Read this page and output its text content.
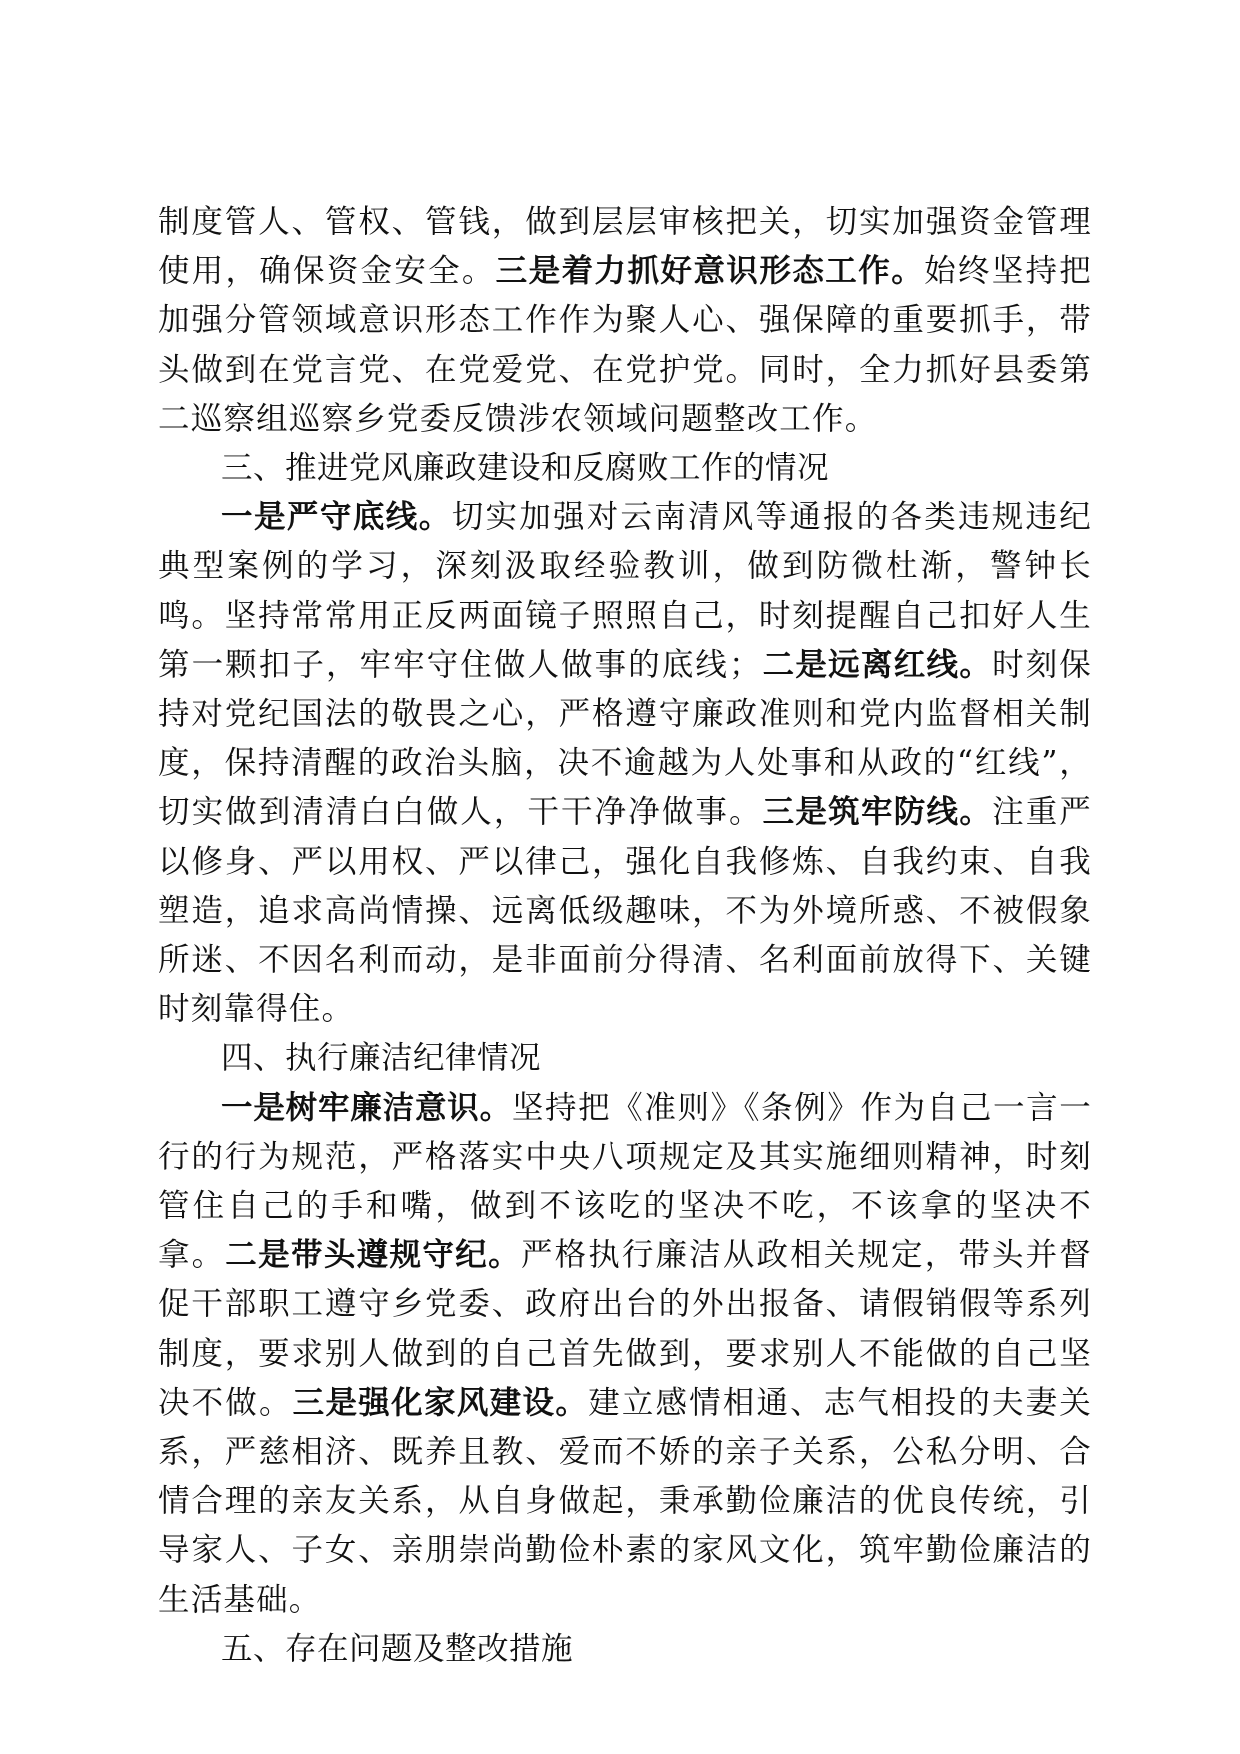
制度管人、管权、管钱，做到层层审核把关，切实加强资金管理使用，确保资金安全。三是着力抓好意识形态工作。始终坚持把加强分管领域意识形态工作作为聚人心、强保障的重要抓手，带头做到在党言党、在党爱党、在党护党。同时，全力抓好县委第二巡察组巡察乡党委反馈涉农领域问题整改工作。

三、推进党风廉政建设和反腐败工作的情况

一是严守底线。切实加强对云南清风等通报的各类违规违纪典型案例的学习，深刻汲取经验教训，做到防微杜渐，警钟长鸣。坚持常常用正反两面镜子照照自己，时刻提醒自己扣好人生第一颗扣子，牢牢守住做人做事的底线；二是远离红线。时刻保持对党纪国法的敬畏之心，严格遵守廉政准则和党内监督相关制度，保持清醒的政治头脑，决不逾越为人处事和从政的“红线”，切实做到清清白白做人，干干净净做事。三是筑牢防线。注重严以修身、严以用权、严以律己，强化自我修炼、自我约束、自我塑造，追求高尚情操、远离低级趣味，不为外境所惑、不被假象所迷、不因名利而动，是非面前分得清、名利面前放得下、关键时刻靠得住。

四、执行廉洁纪律情况

一是树牢廉洁意识。坚持把《准则》《条例》作为自己一言一行的行为规范，严格落实中央八项规定及其实施细则精神，时刻管住自己的手和嘴，做到不该吃的坚决不吃，不该拿的坚决不拿。二是带头遵规守纪。严格执行廉洁从政相关规定，带头并督促干部职工遵守乡党委、政府出台的外出报备、请假销假等系列制度，要求别人做到的自己首先做到，要求别人不能做的自己坚决不做。三是强化家风建设。建立感情相通、志气相投的夫妻关系，严慈相济、既养且教、爱而不娇的亲子关系，公私分明、合情合理的亲友关系，从自身做起，秉承勤俭廉洁的优良传统，引导家人、子女、亲朋崇尚勤俭朴素的家风文化，筑牢勤俭廉洁的生活基础。

五、存在问题及整改措施
